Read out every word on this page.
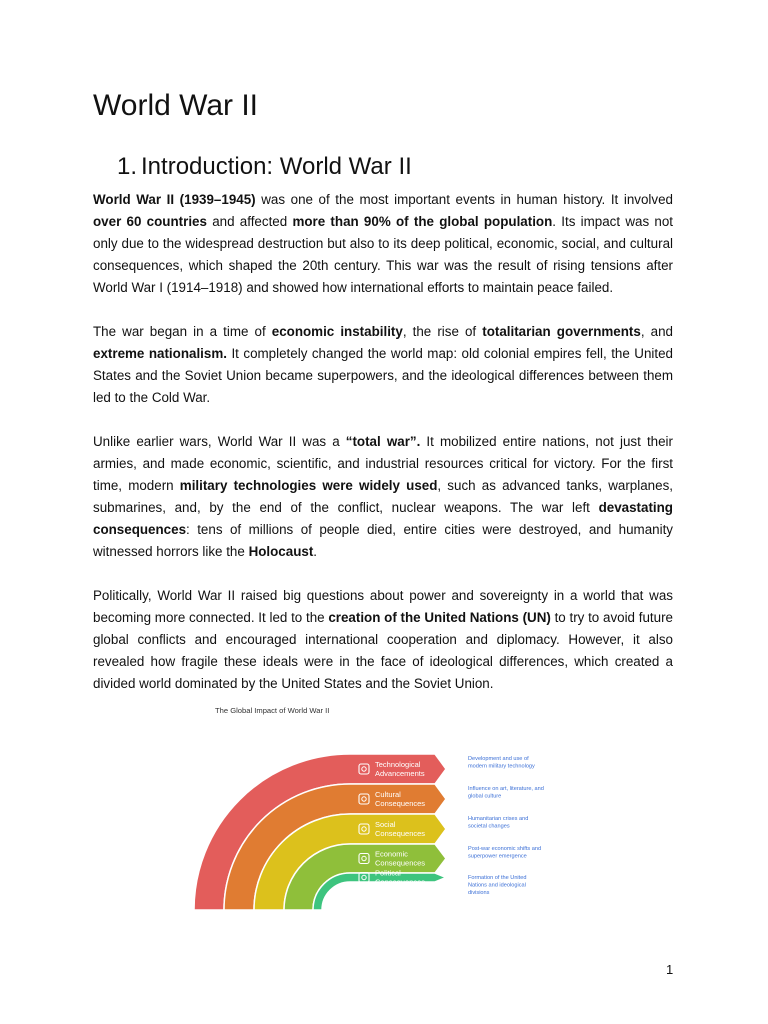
World War II
1. Introduction: World War II

World War II (1939–1945) was one of the most important events in human history. It involved over 60 countries and affected more than 90% of the global population. Its impact was not only due to the widespread destruction but also to its deep political, economic, social, and cultural consequences, which shaped the 20th century. This war was the result of rising tensions after World War I (1914–1918) and showed how international efforts to maintain peace failed.

The war began in a time of economic instability, the rise of totalitarian governments, and extreme nationalism. It completely changed the world map: old colonial empires fell, the United States and the Soviet Union became superpowers, and the ideological differences between them led to the Cold War.

Unlike earlier wars, World War II was a “total war”. It mobilized entire nations, not just their armies, and made economic, scientific, and industrial resources critical for victory. For the first time, modern military technologies were widely used, such as advanced tanks, warplanes, submarines, and, by the end of the conflict, nuclear weapons. The war left devastating consequences: tens of millions of people died, entire cities were destroyed, and humanity witnessed horrors like the Holocaust.

Politically, World War II raised big questions about power and sovereignty in a world that was becoming more connected. It led to the creation of the United Nations (UN) to try to avoid future global conflicts and encouraged international cooperation and diplomacy. However, it also revealed how fragile these ideals were in the face of ideological differences, which created a divided world dominated by the United States and the Soviet Union.

The Global Impact of World War II
Technological
Advancements
Development and use of
modern military technology
Cultural
Consequences
Influence on art, literature, and
global culture
Social
Consequences
Humanitarian crises and
societal changes
Economic
Consequences
Post-war economic shifts and
superpower emergence
Political
Consequences	Formation of the United
Nations and ideological
divisions
1
